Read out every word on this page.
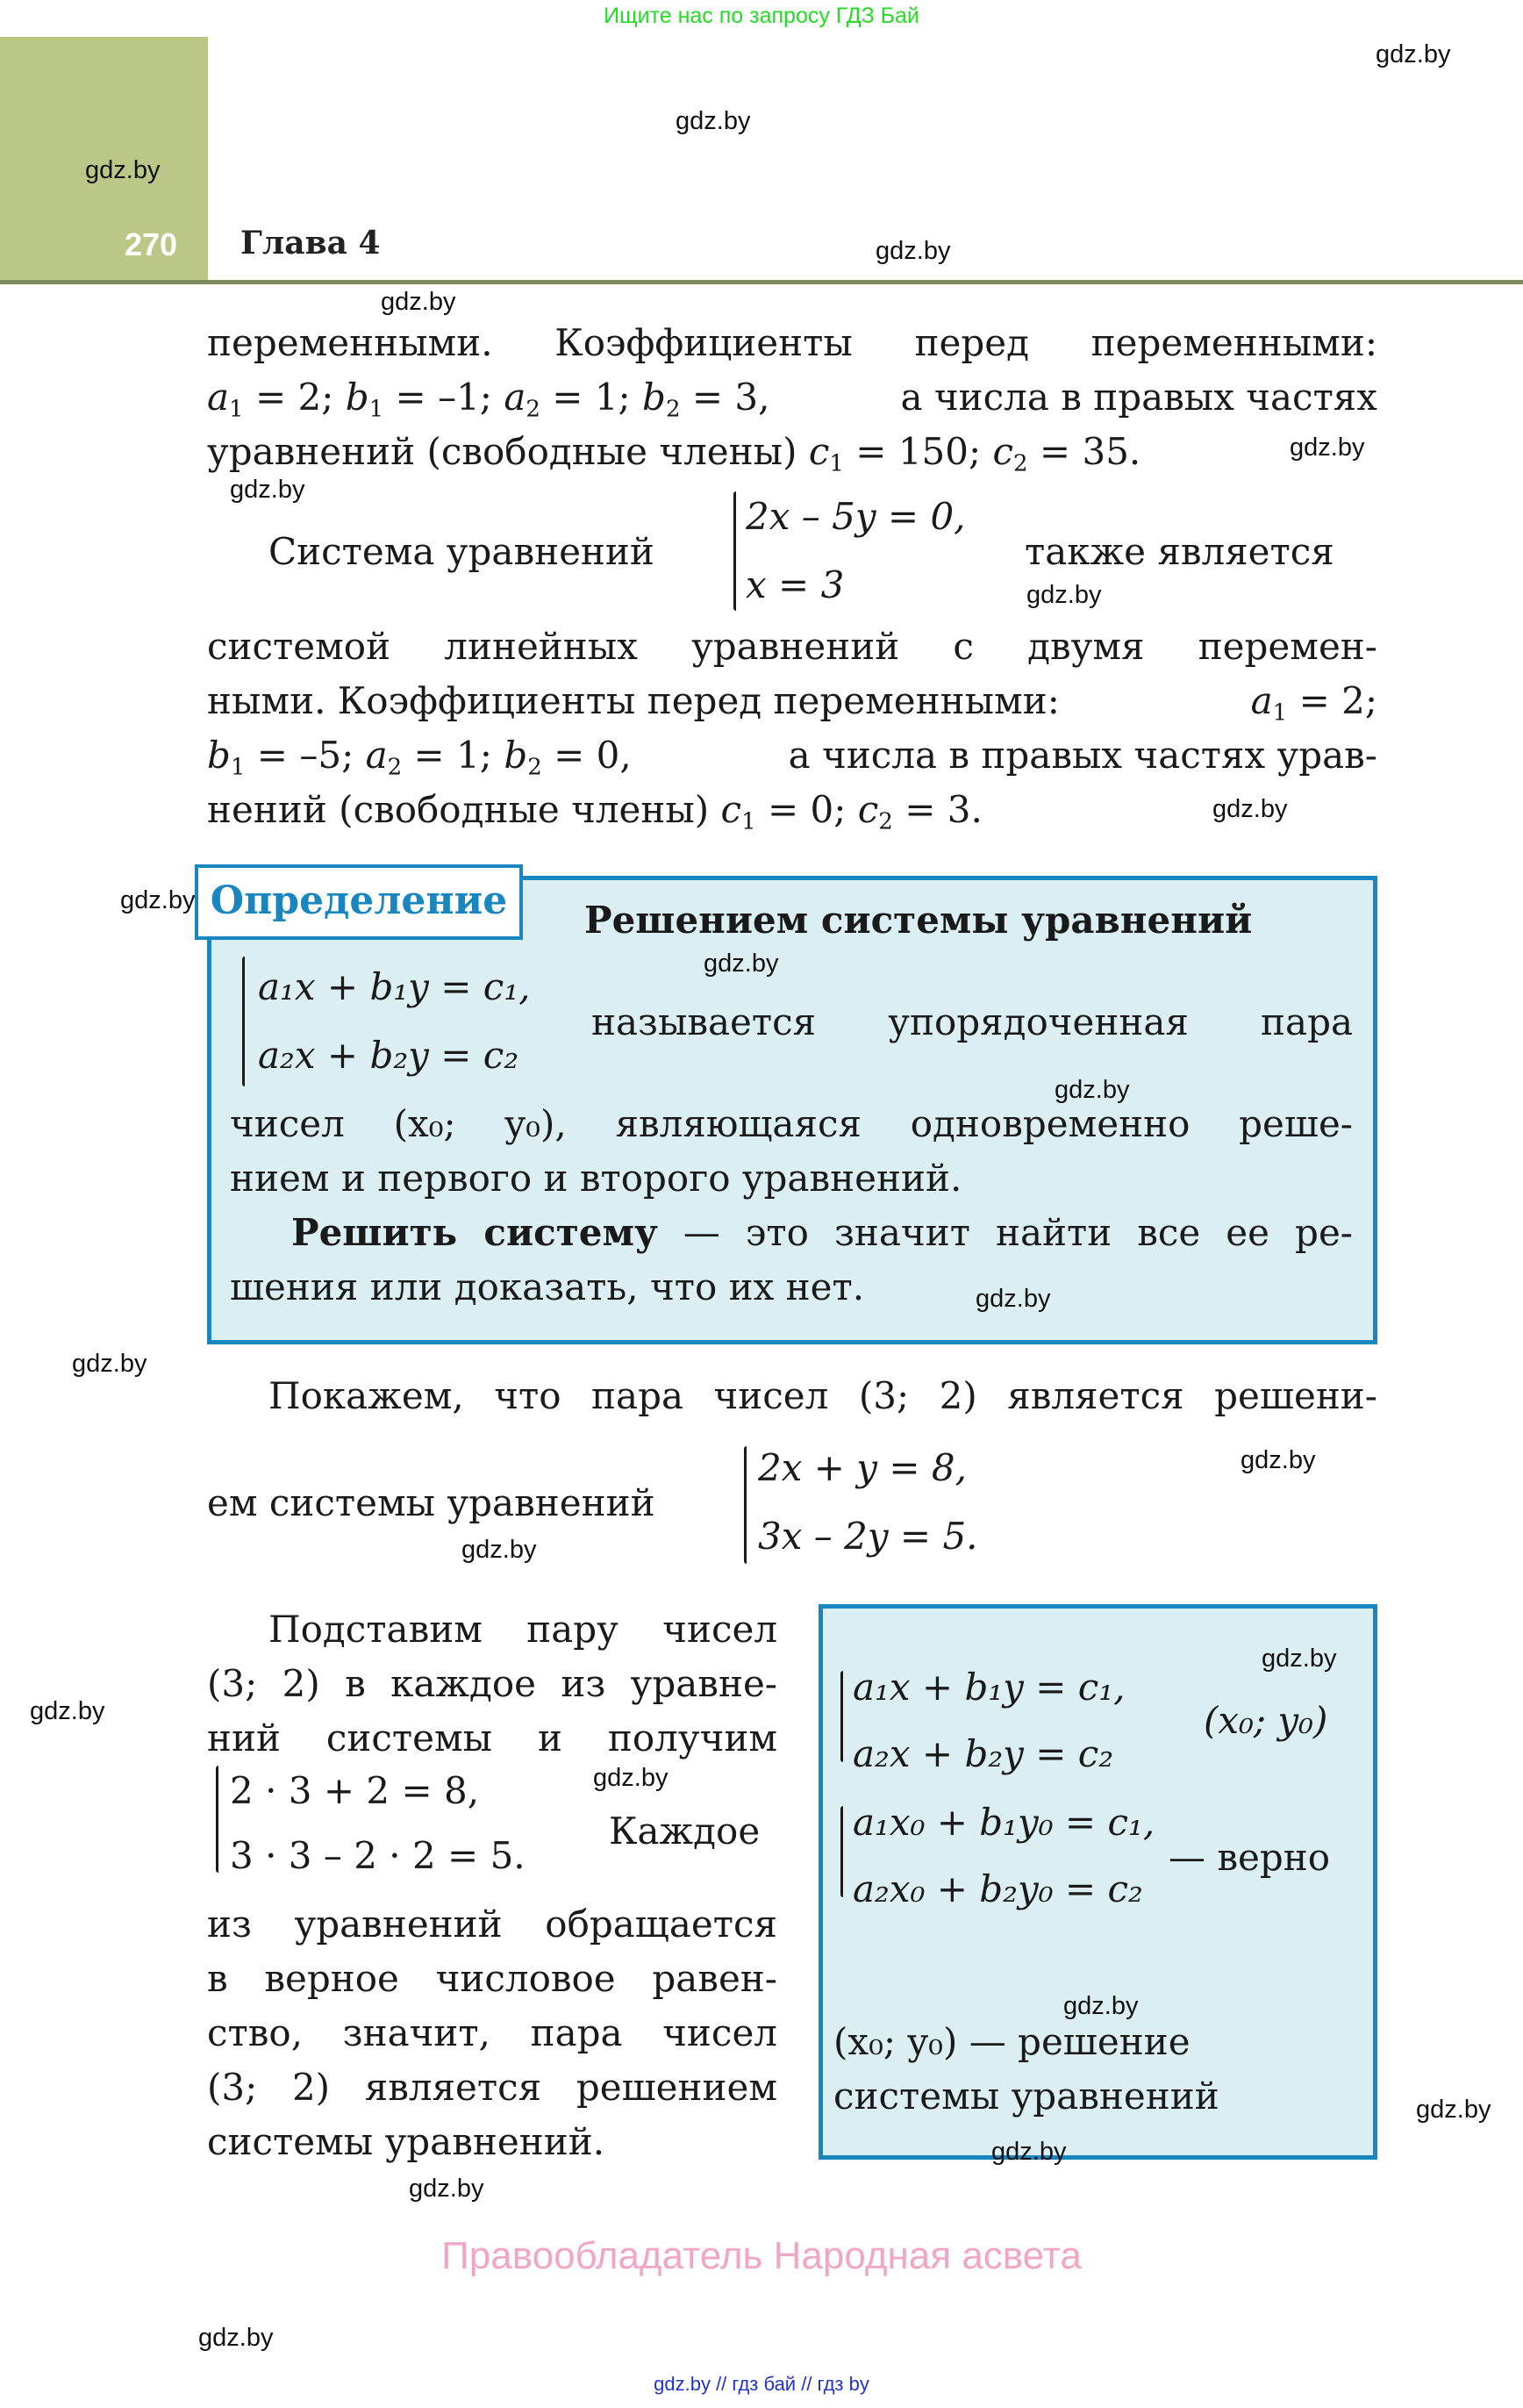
Ищите нас по запросу ГДЗ Бай
270 Глава 4
gdz.by
gdz.by
gdz.by
gdz.by
gdz.by
gdz.by
gdz.by
gdz.by
gdz.by
gdz.by
переменными. Коэффициенты перед переменными:
$a_1 = 2$; $b_1 = -1$; $a_2 = 1$; $b_2 = 3$,	а числа в правых частях
уравнений (свободные члены) $c_1 = 150$; $c_2 = 35$.
Система уравнений
2x – 5y = 0,
x = 3
также является
системой линейных уравнений с двумя перемен-
ными. Коэффициенты перед переменными:	$a_1 = 2$;
$b_1 = -5$; $a_2 = 1$; $b_2 = 0$,	а числа в правых частях урав-
нений (свободные члены) $c_1 = 0$; $c_2 = 3$.
Определение	Решением системы уравнений
a₁x + b₁y = c₁,
a₂x + b₂y = c₂
называется упорядоченная пара
чисел (x₀; y₀), являющаяся одновременно реше-
нием и первого и второго уравнений.
Решить систему — это значит найти все ее ре-
шения или доказать, что их нет.
gdz.by
gdz.by
gdz.by
gdz.by
Покажем, что пара чисел (3; 2) является решени-
ем системы уравнений
2x + y = 8,
3x – 2y = 5.
gdz.by
gdz.by
gdz.by
Подставим пару чисел
(3; 2) в каждое из уравне-
ний системы и получим
2 · 3 + 2 = 8,
3 · 3 – 2 · 2 = 5.
Каждое
из уравнений обращается
в верное числовое равен-
ство, значит, пара чисел
(3; 2) является решением
системы уравнений.
gdz.by
gdz.by
a₁x + b₁y = c₁,
a₂x + b₂y = c₂
(x₀; y₀)
a₁x₀ + b₁y₀ = c₁,
a₂x₀ + b₂y₀ = c₂
— верно
(x₀; y₀) — решение
системы уравнений
gdz.by
gdz.by
gdz.by
gdz.by
Правообладатель Народная асвета
gdz.by
gdz.by // гдз бай // гдз by
